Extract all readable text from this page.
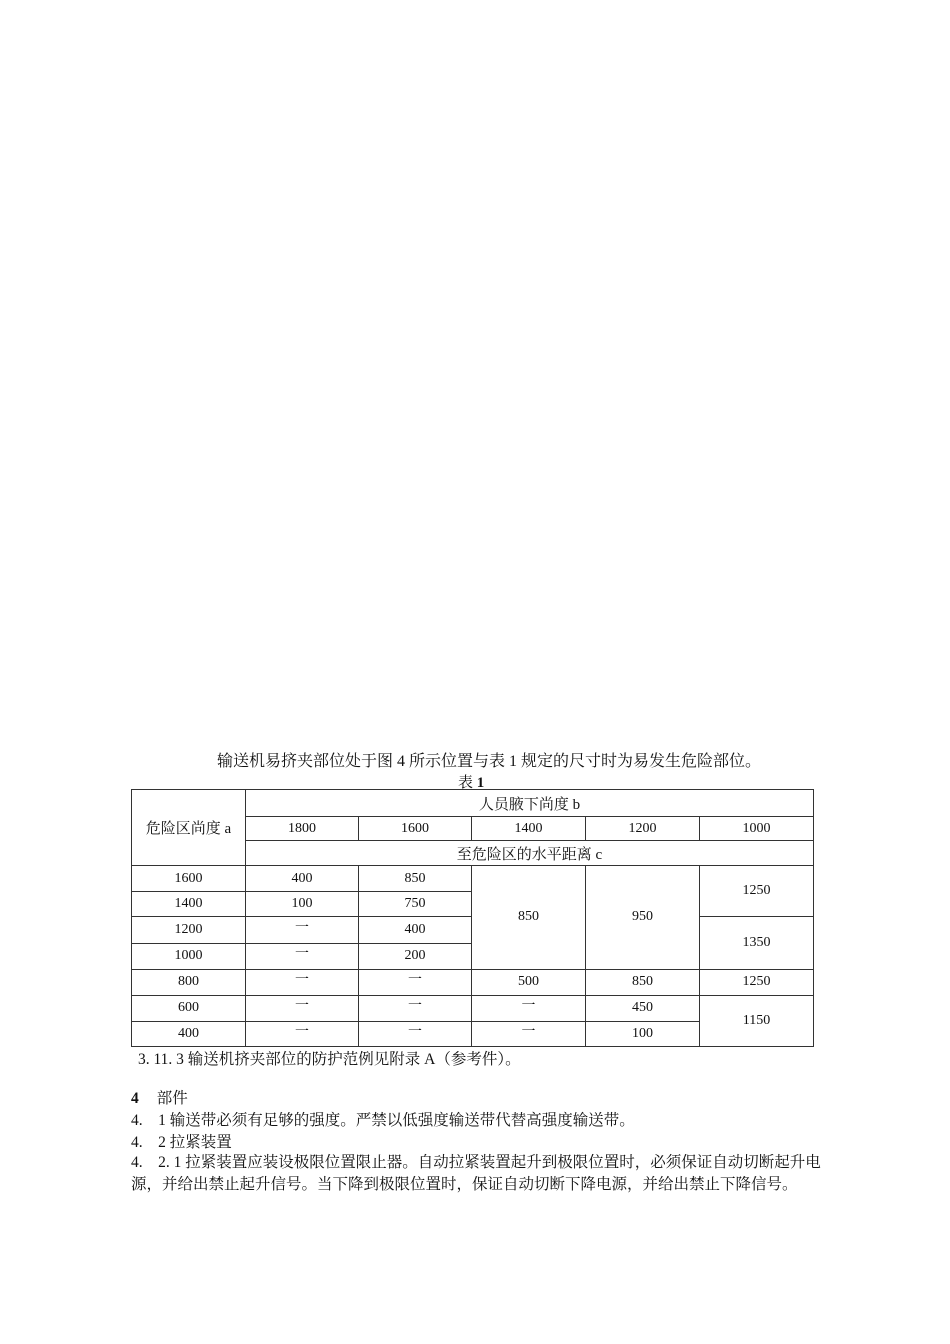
输送机易挤夹部位处于图 4 所示位置与表 1 规定的尺寸时为易发生危险部位。
表 1
危险区尚度 a	人员腋下尚度 b				
	1800	1600	1400	1200	1000
	至危险区的水平距离 c				
1600	400	850	850	950	1250
1400	100	750			
1200	一	400			1350
1000	一	200			
800	一	一	500	850	1250
600	一	一	一	450	1150
400	一	一	一	100	
3. 11. 3 输送机挤夹部位的防护范例见附录 A（参考件）。
4 部件
4.　1 输送带必须有足够的强度。严禁以低强度输送带代替高强度输送带。
4.　2 拉紧装置
4.　2. 1 拉紧装置应装设极限位置限止器。自动拉紧装置起升到极限位置时，必须保证自动切断起升电源，并给出禁止起升信号。当下降到极限位置时，保证自动切断下降电源，并给出禁止下降信号。
